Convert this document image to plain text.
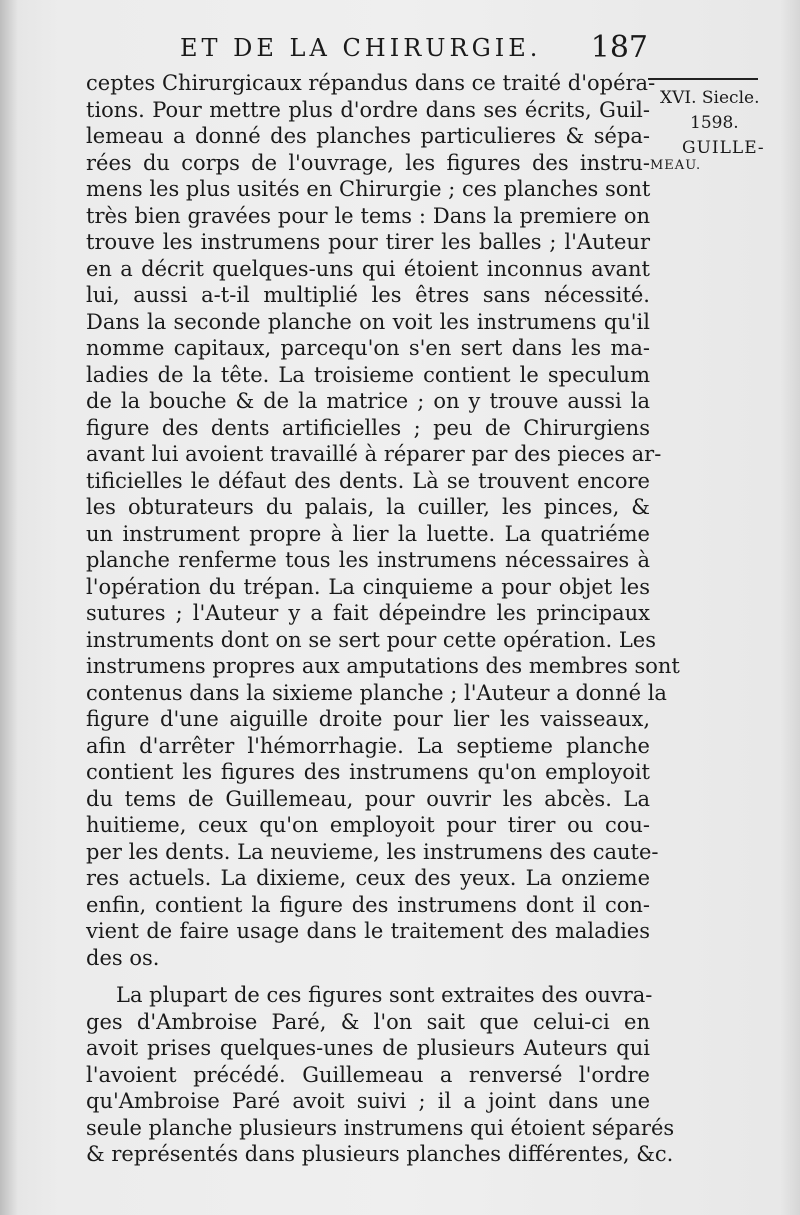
ET DE LA CHIRURGIE. 187
XVI. Siecle.
1598.
GUILLE-
MEAU.
ceptes Chirurgicaux répandus dans ce traité d'opéra-
tions. Pour mettre plus d'ordre dans ses écrits, Guil-
lemeau a donné des planches particulieres & sépa-
rées du corps de l'ouvrage, les figures des instru-
mens les plus usités en Chirurgie ; ces planches sont
très bien gravées pour le tems : Dans la premiere on
trouve les instrumens pour tirer les balles ; l'Auteur
en a décrit quelques-uns qui étoient inconnus avant
lui, aussi a-t-il multiplié les êtres sans nécessité.
Dans la seconde planche on voit les instrumens qu'il
nomme capitaux, parcequ'on s'en sert dans les ma-
ladies de la tête. La troisieme contient le speculum
de la bouche & de la matrice ; on y trouve aussi la
figure des dents artificielles ; peu de Chirurgiens
avant lui avoient travaillé à réparer par des pieces ar-
tificielles le défaut des dents. Là se trouvent encore
les obturateurs du palais, la cuiller, les pinces, &
un instrument propre à lier la luette. La quatriéme
planche renferme tous les instrumens nécessaires à
l'opération du trépan. La cinquieme a pour objet les
sutures ; l'Auteur y a fait dépeindre les principaux
instruments dont on se sert pour cette opération. Les
instrumens propres aux amputations des membres sont
contenus dans la sixieme planche ; l'Auteur a donné la
figure d'une aiguille droite pour lier les vaisseaux,
afin d'arrêter l'hémorrhagie. La septieme planche
contient les figures des instrumens qu'on employoit
du tems de Guillemeau, pour ouvrir les abcès. La
huitieme, ceux qu'on employoit pour tirer ou cou-
per les dents. La neuvieme, les instrumens des caute-
res actuels. La dixieme, ceux des yeux. La onzieme
enfin, contient la figure des instrumens dont il con-
vient de faire usage dans le traitement des maladies
des os.
La plupart de ces figures sont extraites des ouvra-
ges d'Ambroise Paré, & l'on sait que celui-ci en
avoit prises quelques-unes de plusieurs Auteurs qui
l'avoient précédé. Guillemeau a renversé l'ordre
qu'Ambroise Paré avoit suivi ; il a joint dans une
seule planche plusieurs instrumens qui étoient séparés
& représentés dans plusieurs planches différentes, &c.
